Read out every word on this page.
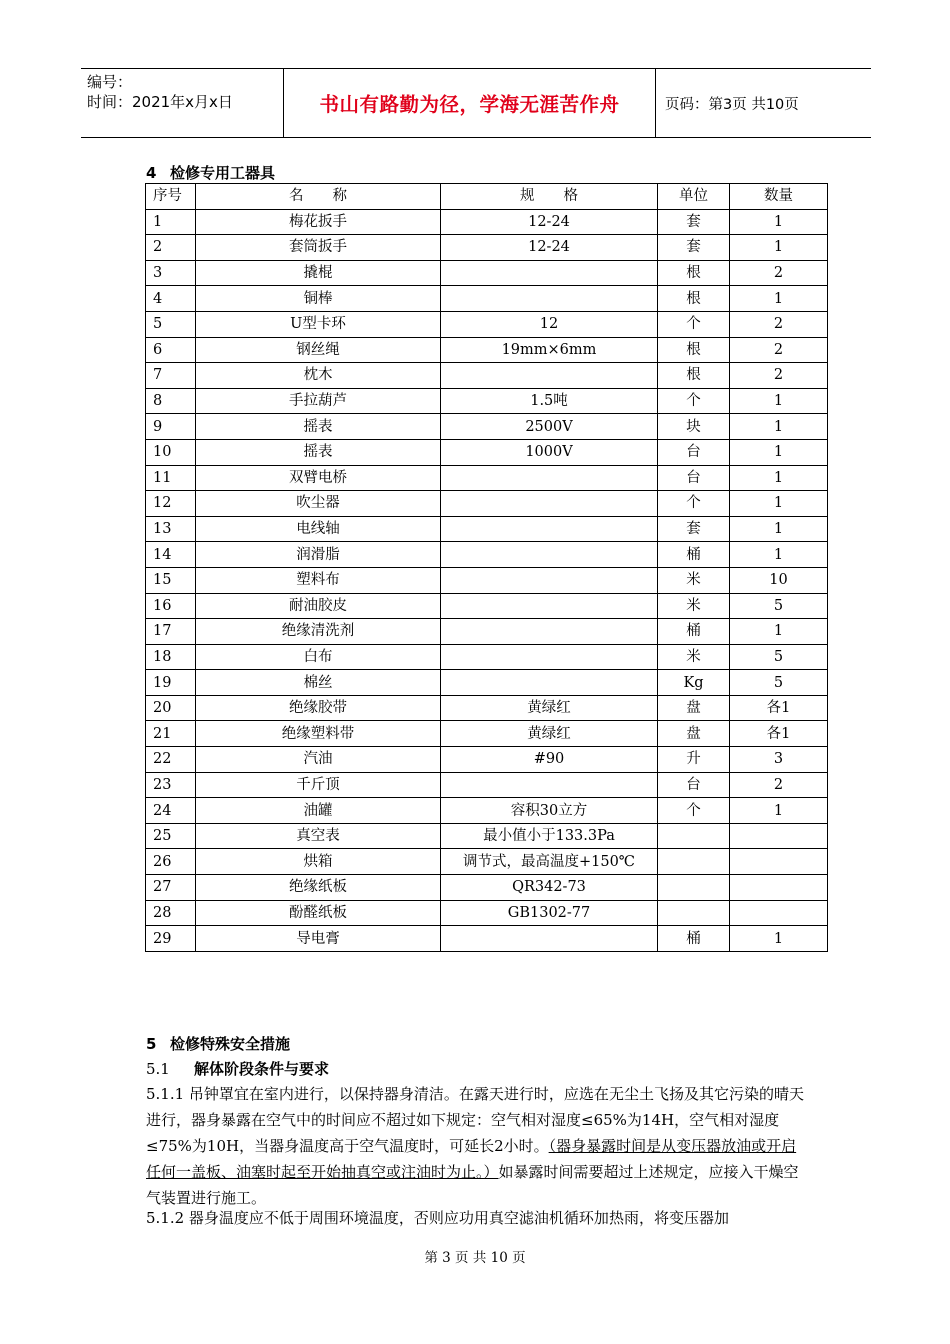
编号：
时间：2021年x月x日	书山有路勤为径，学海无涯苦作舟	页码：第3页 共10页
4 检修专用工器具
序号	名　　称	规　　格	单位	数量
1	梅花扳手	12-24	套	1
2	套筒扳手	12-24	套	1
3	撬棍		根	2
4	铜棒		根	1
5	U型卡环	12	个	2
6	钢丝绳	19mm×6mm	根	2
7	枕木		根	2
8	手拉葫芦	1.5吨	个	1
9	摇表	2500V	块	1
10	摇表	1000V	台	1
11	双臂电桥		台	1
12	吹尘器		个	1
13	电线轴		套	1
14	润滑脂		桶	1
15	塑料布		米	10
16	耐油胶皮		米	5
17	绝缘清洗剂		桶	1
18	白布		米	5
19	棉丝		Kg	5
20	绝缘胶带	黄绿红	盘	各1
21	绝缘塑料带	黄绿红	盘	各1
22	汽油	#90	升	3
23	千斤顶		台	2
24	油罐	容积30立方	个	1
25	真空表	最小值小于133.3Pa		
26	烘箱	调节式，最高温度+150℃		
27	绝缘纸板	QR342-73		
28	酚醛纸板	GB1302-77		
29	导电膏		桶	1
5 检修特殊安全措施
5.1 解体阶段条件与要求
5.1.1 吊钟罩宜在室内进行，以保持器身清洁。在露天进行时，应选在无尘土飞扬及其它污染的晴天进行，器身暴露在空气中的时间应不超过如下规定：空气相对湿度≤65%为14H，空气相对湿度≤75%为10H，当器身温度高于空气温度时，可延长2小时。（器身暴露时间是从变压器放油或开启任何一盖板、油塞时起至开始抽真空或注油时为止。）如暴露时间需要超过上述规定，应接入干燥空气装置进行施工。
5.1.2 器身温度应不低于周围环境温度，否则应功用真空滤油机循环加热雨，将变压器加
第 3 页 共 10 页
